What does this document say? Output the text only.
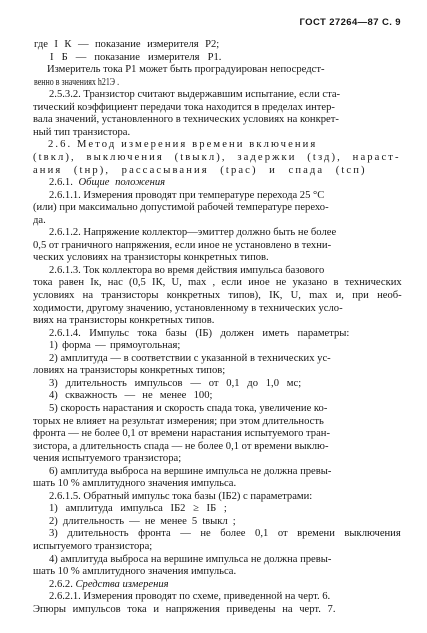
ГОСТ 27264—87 С. 9
где I К — показание измерителя P2;
I Б — показание измерителя P1.
Измеритель тока P1 может быть проградуирован непосредст-
венно в значениях h21Э .
2.5.3.2. Транзистор считают выдержавшим испытание, если ста-
тический коэффициент передачи тока находится в пределах интер-
вала значений, установленного в технических условиях на конкрет-
ный тип транзистора.
2.6. Метод измерения времени включения
(tвкл), выключения (tвыкл), задержки (tзд), нараст-
ания (tнр), рассасывания (tрас) и спада (tсп)
2.6.1. Общие положения
2.6.1.1. Измерения проводят при температуре перехода 25 °С
(или) при максимально допустимой рабочей температуре перехо-
да.
2.6.1.2. Напряжение коллектор—эмиттер должно быть не более
0,5 от граничного напряжения, если иное не установлено в техни-
ческих условиях на транзисторы конкретных типов.
2.6.1.3. Ток коллектора во время действия импульса базового
тока равен Iк, нас (0,5 IК, U, max , если иное не указано в технических
условиях на транзисторы конкретных типов), IК, U, max и, при необ-
ходимости, другому значению, установленному в технических усло-
виях на транзисторы конкретных типов.
2.6.1.4. Импульс тока базы (IБ) должен иметь параметры:
1) форма — прямоугольная;
2) амплитуда — в соответствии с указанной в технических ус-
ловиях на транзисторы конкретных типов;
3) длительность импульсов — от 0,1 до 1,0 мс;
4) скважность — не менее 100;
5) скорость нарастания и скорость спада тока, увеличение ко-
торых не влияет на результат измерения; при этом длительность
фронта — не более 0,1 от времени нарастания испытуемого тран-
зистора, а длительность спада — не более 0,1 от времени выклю-
чения испытуемого транзистора;
6) амплитуда выброса на вершине импульса не должна превы-
шать 10 % амплитудного значения импульса.
2.6.1.5. Обратный импульс тока базы (IБ2) с параметрами:
1) амплитуда импульса IБ2 ≥ IБ ;
2) длительность — не менее 5 tвыкл ;
3) длительность фронта — не более 0,1 от времени выключения
испытуемого транзистора;
4) амплитуда выброса на вершине импульса не должна превы-
шать 10 % амплитудного значения импульса.
2.6.2. Средства измерения
2.6.2.1. Измерения проводят по схеме, приведенной на черт. 6.
Эпюры импульсов тока и напряжения приведены на черт. 7.
